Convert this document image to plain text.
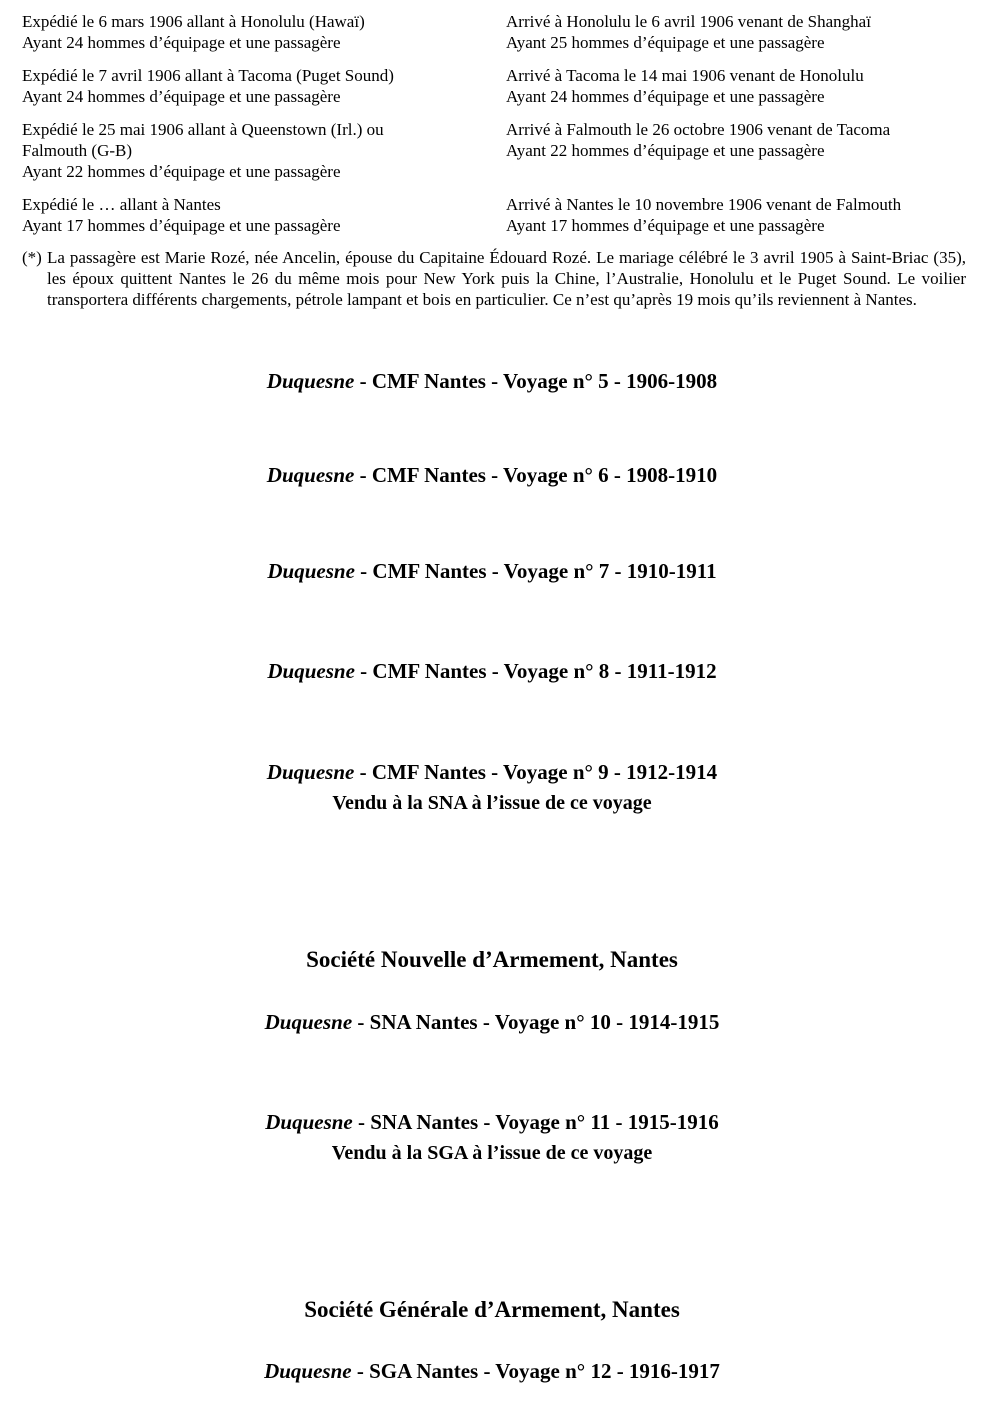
Expédié le 6 mars 1906 allant à Honolulu (Hawaï)
Ayant 24 hommes d’équipage et une passagère
Arrivé à Honolulu le 6 avril 1906 venant de Shanghaï
Ayant 25 hommes d’équipage et une passagère
Expédié le 7 avril 1906 allant à Tacoma (Puget Sound)
Ayant 24 hommes d’équipage et une passagère
Arrivé à Tacoma le 14 mai 1906 venant de Honolulu
Ayant 24 hommes d’équipage et une passagère
Expédié le 25 mai 1906 allant à Queenstown (Irl.) ou
Falmouth (G-B)
Ayant 22 hommes d’équipage et une passagère
Arrivé à Falmouth le 26 octobre 1906 venant de Tacoma
Ayant 22 hommes d’équipage et une passagère
Expédié le … allant à Nantes
Ayant 17 hommes d’équipage et une passagère
Arrivé à Nantes le 10 novembre 1906 venant de Falmouth
Ayant 17 hommes d’équipage et une passagère
(*) La passagère est Marie Rozé, née Ancelin, épouse du Capitaine Édouard Rozé. Le mariage célébré le 3 avril 1905 à Saint-Briac (35), les époux quittent Nantes le 26 du même mois pour New York puis la Chine, l’Australie, Honolulu et le Puget Sound. Le voilier transportera différents chargements, pétrole lampant et bois en particulier. Ce n’est qu’après 19 mois qu’ils reviennent à Nantes.
Duquesne - CMF Nantes - Voyage n° 5 - 1906-1908
Duquesne - CMF Nantes - Voyage n° 6 - 1908-1910
Duquesne - CMF Nantes - Voyage n° 7 - 1910-1911
Duquesne - CMF Nantes - Voyage n° 8 - 1911-1912
Duquesne - CMF Nantes - Voyage n° 9 - 1912-1914
Vendu à la SNA à l’issue de ce voyage
Société Nouvelle d’Armement, Nantes
Duquesne - SNA Nantes - Voyage n° 10 - 1914-1915
Duquesne - SNA Nantes - Voyage n° 11 - 1915-1916
Vendu à la SGA à l’issue de ce voyage
Société Générale d’Armement, Nantes
Duquesne - SGA Nantes - Voyage n° 12 - 1916-1917
